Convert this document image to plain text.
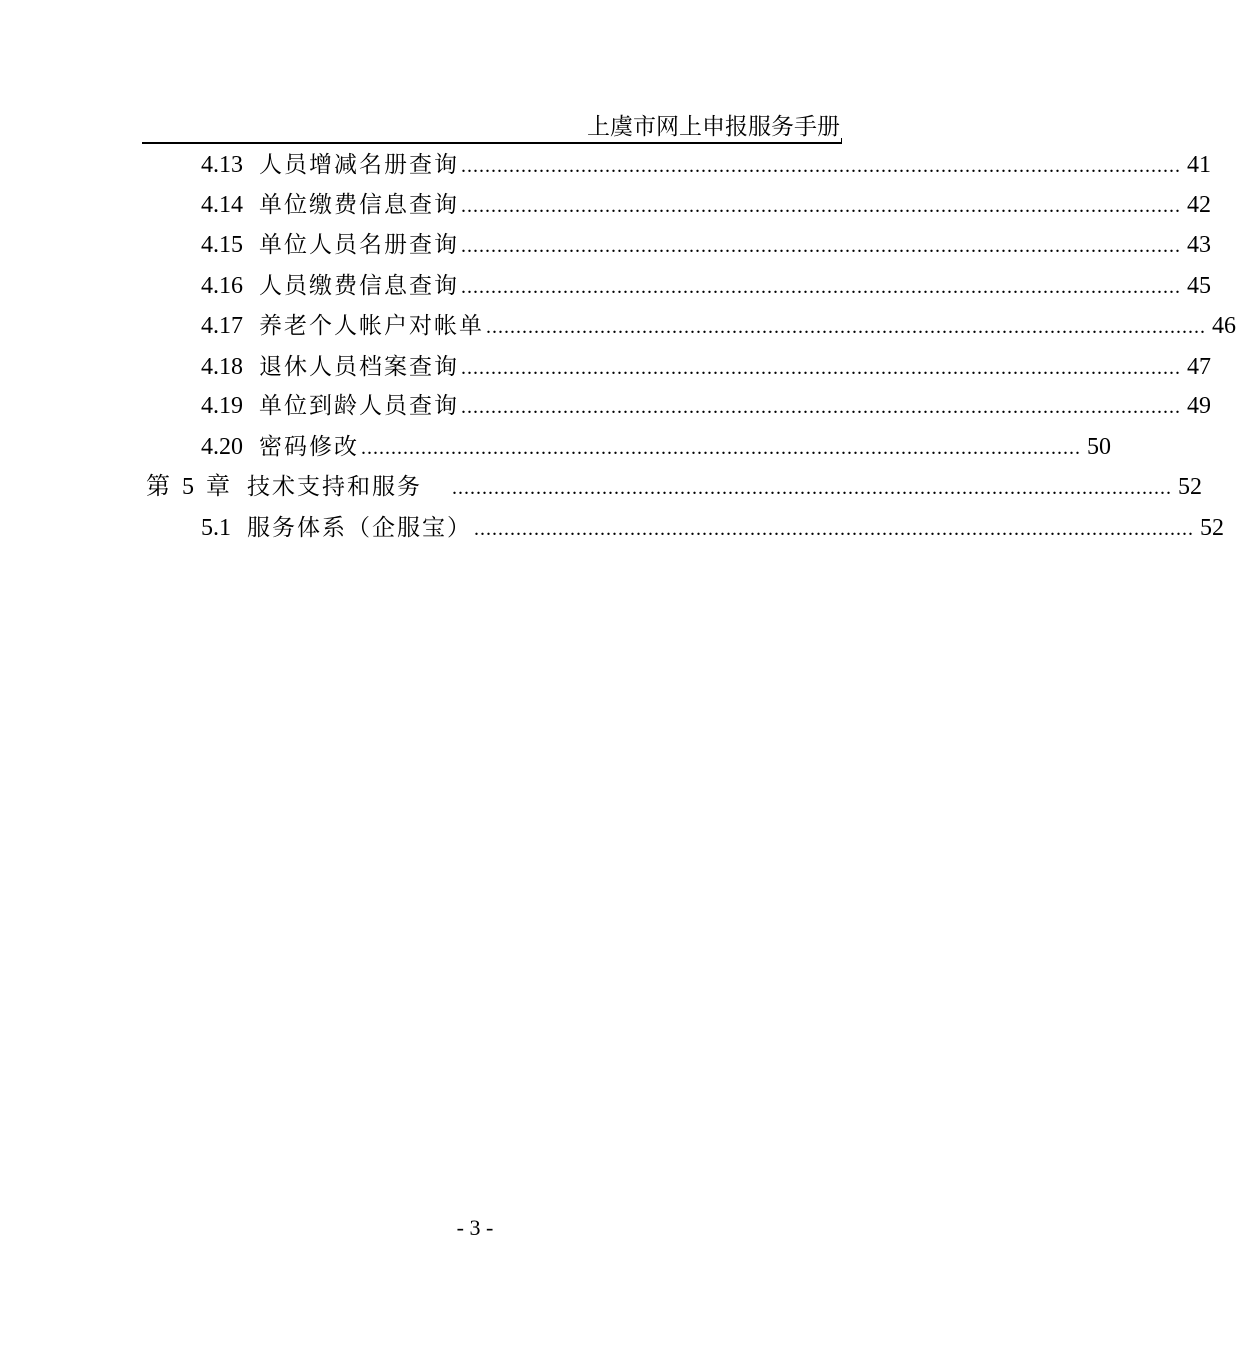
上虞市网上申报服务手册
4.13 人员增减名册查询 ........................................................................................................................ 41
4.14 单位缴费信息查询 ........................................................................................................................ 42
4.15 单位人员名册查询 ........................................................................................................................ 43
4.16 人员缴费信息查询 ........................................................................................................................ 45
4.17 养老个人帐户对帐单 ........................................................................................................................ 46
4.18 退休人员档案查询 ........................................................................................................................ 47
4.19 单位到龄人员查询 ........................................................................................................................ 49
4.20 密码修改 ........................................................................................................................ 50
第 5 章 技术支持和服务 ........................................................................................................................ 52
5.1 服务体系（企服宝） ........................................................................................................................ 52
- 3 -
